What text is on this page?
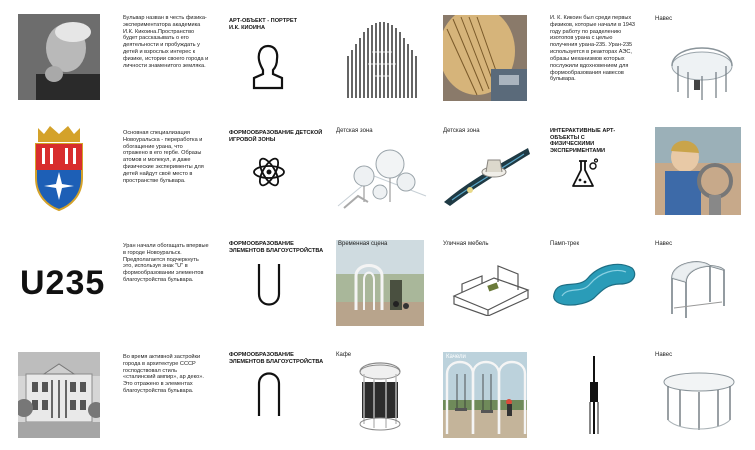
Бульвар назван в честь физика-экспериментатора академика И.К. Кикоина.Пространство будет рассказывать о его деятельности и пробуждать у детей и взрослых интерес к физике, истории своего города и личности знаменитого земляка.
АРТ-ОБЪЕКТ - ПОРТРЕТ И.К. КИОИНА
И. К. Кикоин был среди первых физиков, которые начали в 1943 году работу по разделению изотопов урана с целью получения урана-235. Уран-235 используется в реакторах АЭС, образы механизмов которых послужили вдохновением для формообразования навесов бульвара.
Навес
Основная специализация Новоуральска - переработка и обогащение урана, что отражено в его гербе. Образы атомов и молекул, и даже физические эксперименты для детей найдут своё место в пространстве бульвара.
ФОРМООБРАЗОВАНИЕ ДЕТСКОЙ ИГРОВОЙ ЗОНЫ
Детская зона	Детская зона	ИНТЕРАКТИВНЫЕ АРТ-ОБЪЕКТЫ С ФИЗИЧЕСКИМИ ЭКСПЕРИМЕНТАМИ
U235
Уран начали обогащать впервые в городе Новоуральск. Предполагается подчеркнуть это, используя знак "U" в формообразовании элементов благоустройства бульвара.
ФОРМООБРАЗОВАНИЕ ЭЛЕМЕНТОВ БЛАГОУСТРОЙСТВА
Временная сцена	Уличная мебель	Памп-трек	Навес
Во время активной застройки города в архитектуре СССР господствовал стиль «сталинский ампир», ар деко». Это отражено в элементах благоустройства бульвара.
ФОРМООБРАЗОВАНИЕ ЭЛЕМЕНТОВ БЛАГОУСТРОЙСТВА
Кафе	Качели	Навес
